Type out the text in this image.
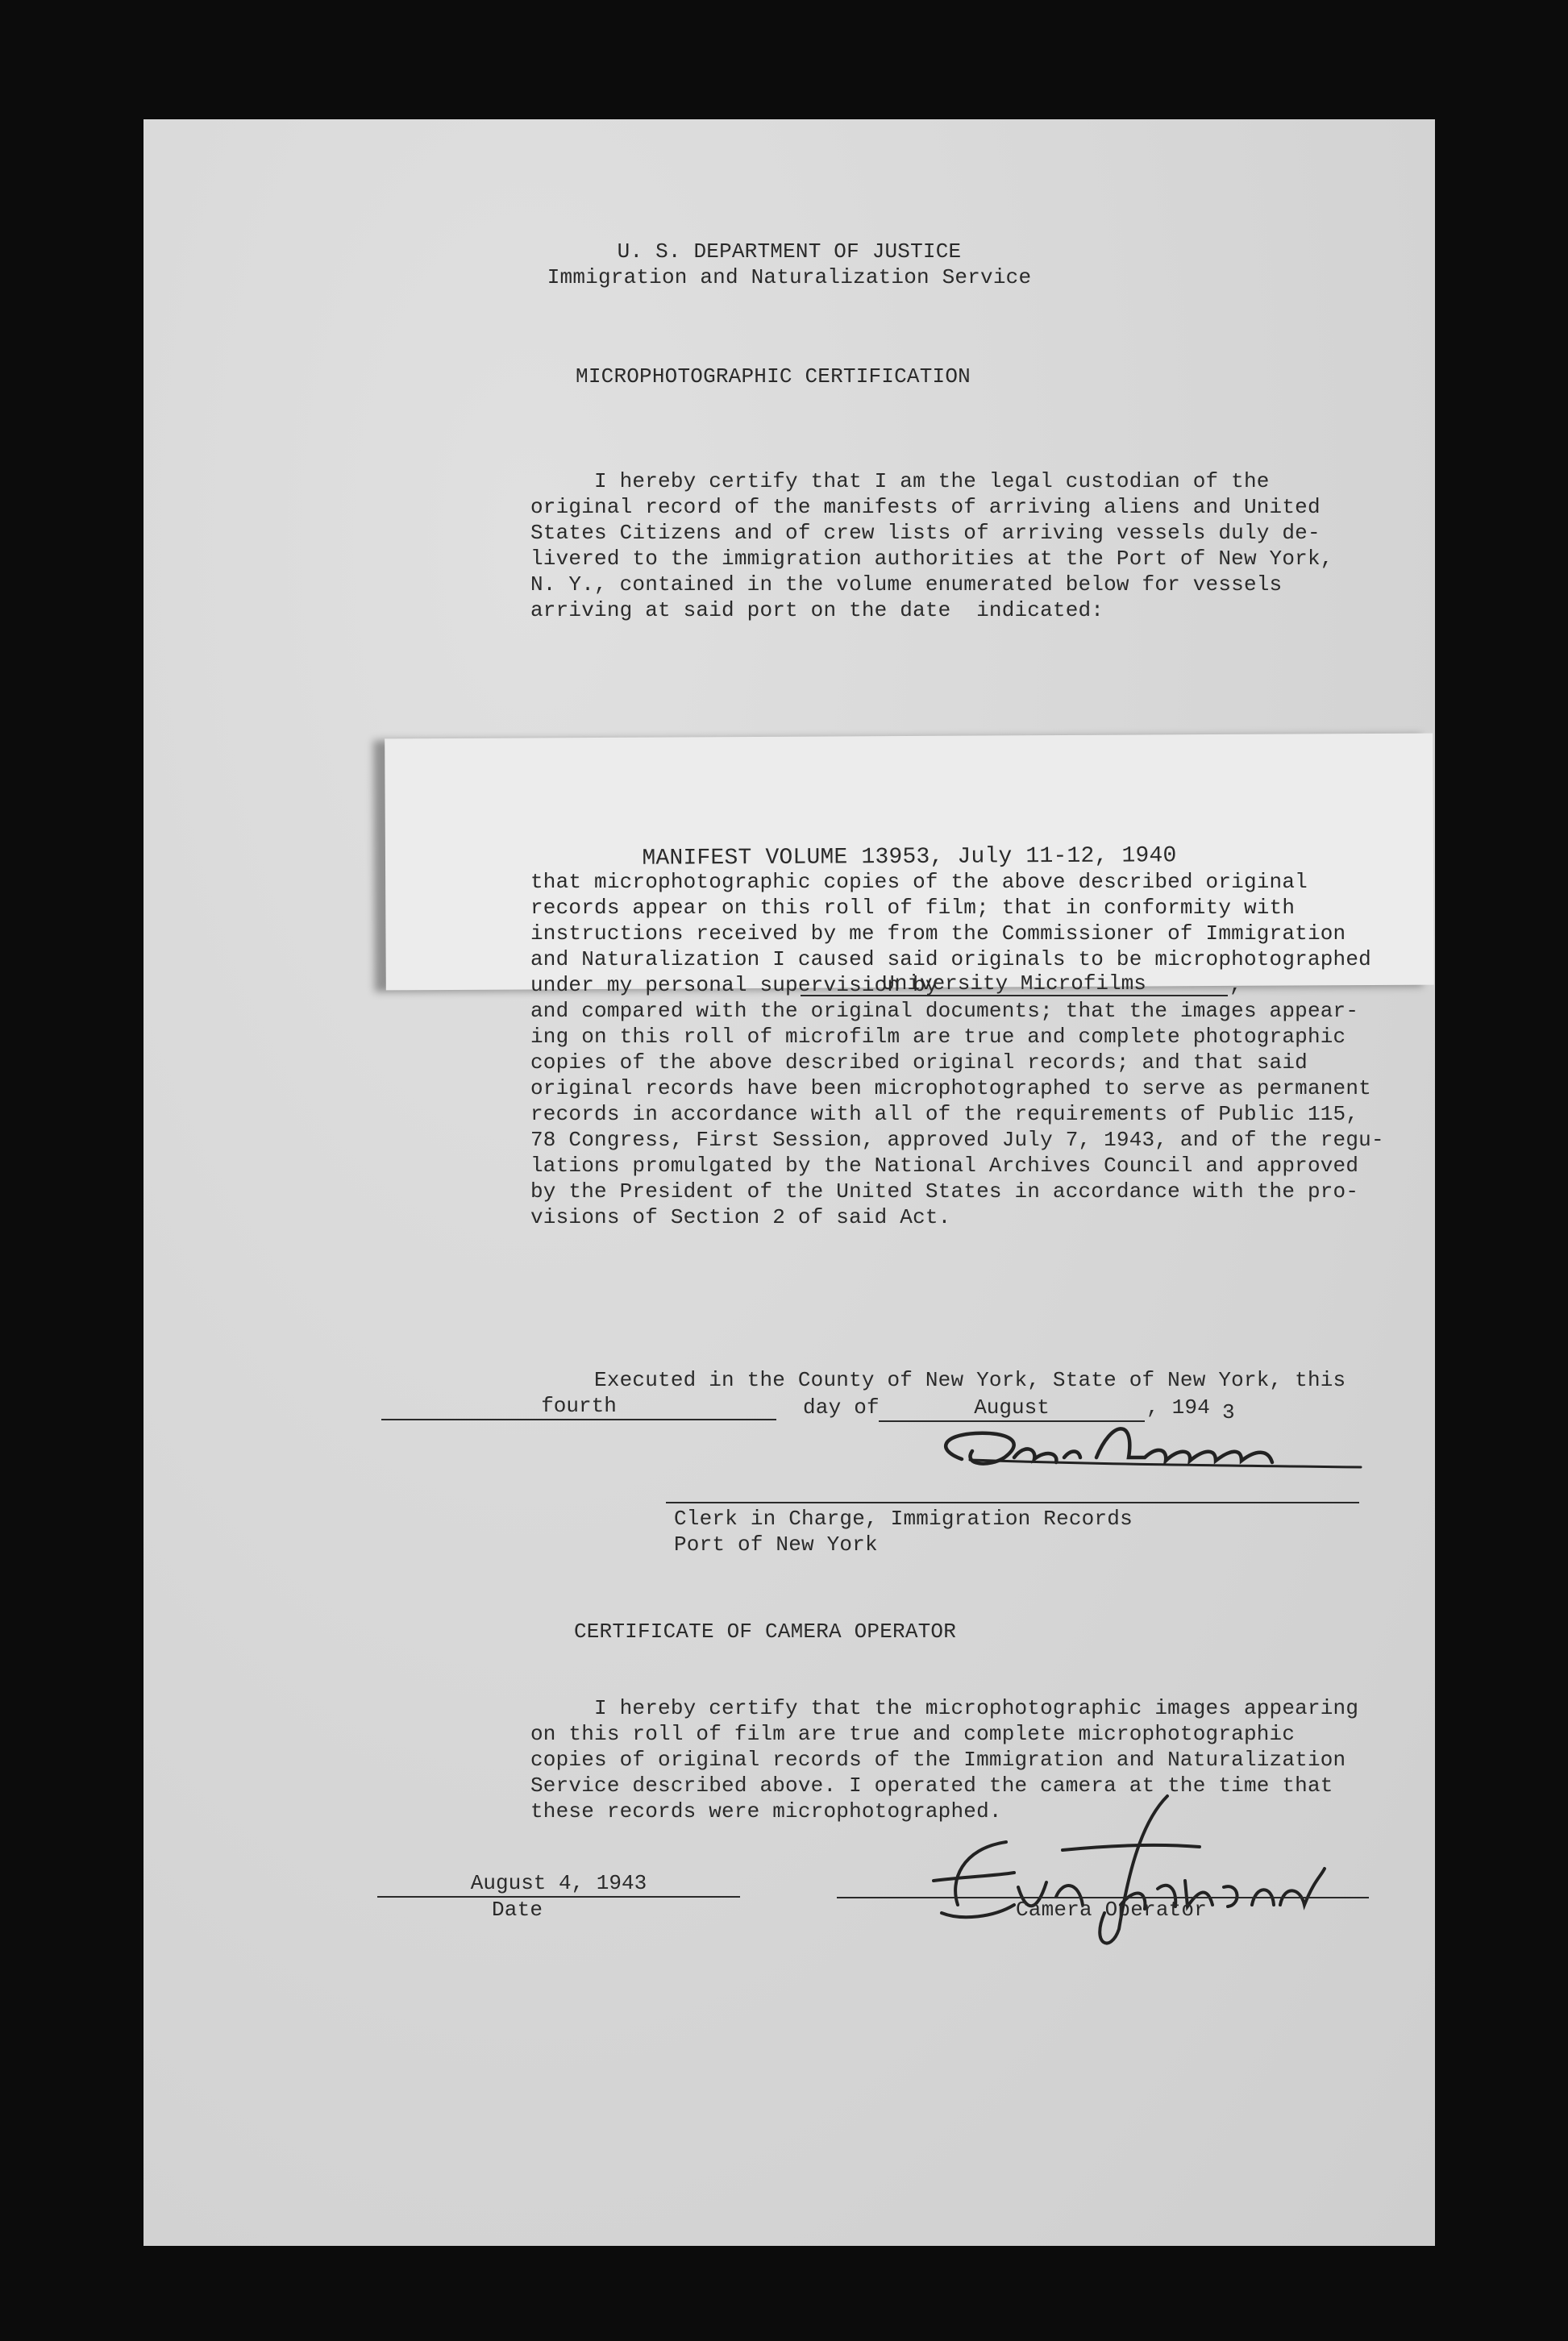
U. S. DEPARTMENT OF JUSTICE
Immigration and Naturalization Service
MICROPHOTOGRAPHIC CERTIFICATION
I hereby certify that I am the legal custodian of the
original record of the manifests of arriving aliens and United
States Citizens and of crew lists of arriving vessels duly de-
livered to the immigration authorities at the Port of New York,
N. Y., contained in the volume enumerated below for vessels
arriving at said port on the date  indicated:
MANIFEST VOLUME 13953, July 11-12, 1940
that microphotographic copies of the above described original
records appear on this roll of film; that in conformity with
instructions received by me from the Commissioner of Immigration
and Naturalization I caused said originals to be microphotographed
under my personal supervision by
University Microfilms	,
and compared with the original documents; that the images appear-
ing on this roll of microfilm are true and complete photographic
copies of the above described original records; and that said
original records have been microphotographed to serve as permanent
records in accordance with all of the requirements of Public 115,
78 Congress, First Session, approved July 7, 1943, and of the regu-
lations promulgated by the National Archives Council and approved
by the President of the United States in accordance with the pro-
visions of Section 2 of said Act.
Executed in the County of New York, State of New York, this
fourth	day of	August	, 194 3
Clerk in Charge, Immigration Records
Port of New York
CERTIFICATE OF CAMERA OPERATOR
I hereby certify that the microphotographic images appearing
on this roll of film are true and complete microphotographic
copies of original records of the Immigration and Naturalization
Service described above. I operated the camera at the time that
these records were microphotographed.
August 4, 1943
Date	Camera Operator
